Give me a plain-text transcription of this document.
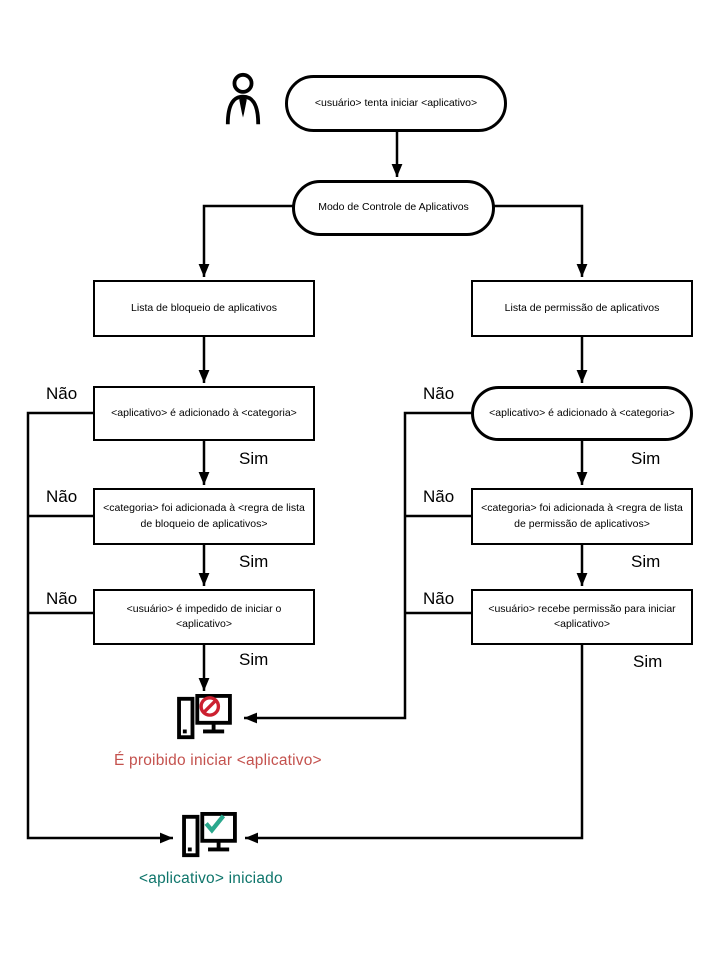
<usuário> tenta iniciar <aplicativo>
Modo de Controle de Aplicativos
Lista de bloqueio de aplicativos	Lista de permissão de aplicativos
<aplicativo> é adicionado à <categoria>	<aplicativo> é adicionado à <categoria>
<categoria> foi adicionada à <regra de lista de bloqueio de aplicativos>
<categoria> foi adicionada à <regra de lista de permissão de aplicativos>
<usuário> é impedido de iniciar o <aplicativo>
<usuário> recebe permissão para iniciar <aplicativo>
Não
Não
Não
Não
Não
Não
Sim
Sim
Sim
Sim
Sim
Sim
É proibido iniciar <aplicativo>
<aplicativo> iniciado
